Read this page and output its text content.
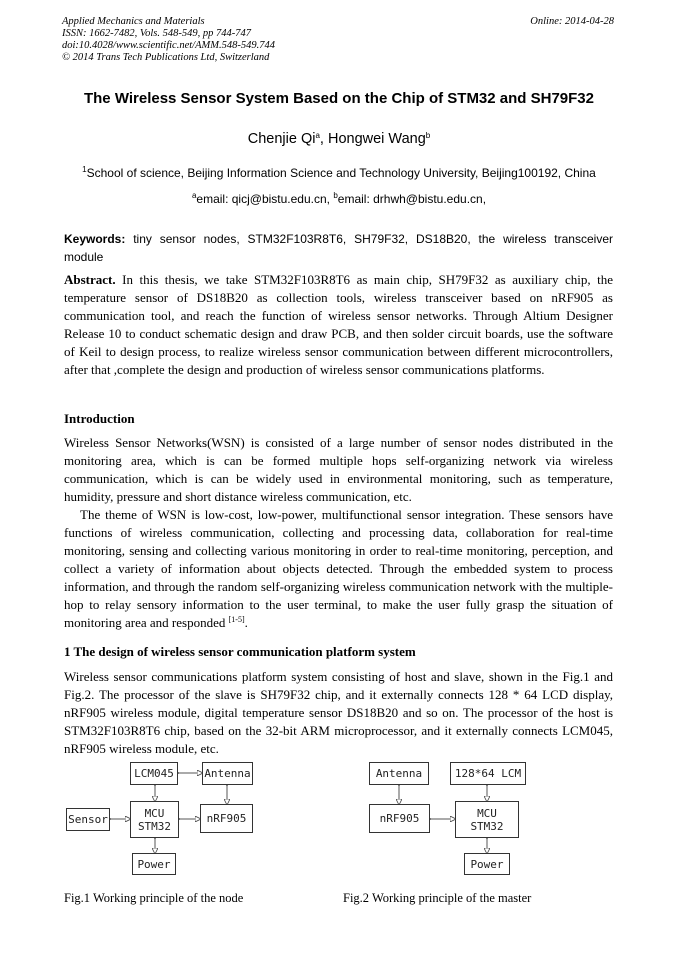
Applied Mechanics and Materials
ISSN: 1662-7482, Vols. 548-549, pp 744-747
doi:10.4028/www.scientific.net/AMM.548-549.744
© 2014 Trans Tech Publications Ltd, Switzerland
Online: 2014-04-28
The Wireless Sensor System Based on the Chip of STM32 and SH79F32
Chenjie Qi$^a$, Hongwei Wang$^b$
$^1$School of science, Beijing Information Science and Technology University, Beijing100192, China
$^a$email: qicj@bistu.edu.cn, $^b$email: drhwh@bistu.edu.cn,
Keywords: tiny sensor nodes, STM32F103R8T6, SH79F32, DS18B20, the wireless transceiver module

Abstract. In this thesis, we take STM32F103R8T6 as main chip, SH79F32 as auxiliary chip, the temperature sensor of DS18B20 as collection tools, wireless transceiver based on nRF905 as communication tool, and reach the function of wireless sensor networks. Through Altium Designer Release 10 to conduct schematic design and draw PCB, and then solder circuit boards, use the software of Keil to design process, to realize wireless sensor communication between different microcontrollers, after that ,complete the design and production of wireless sensor communications platforms.

Introduction

Wireless Sensor Networks(WSN) is consisted of a large number of sensor nodes distributed in the monitoring area, which is can be formed multiple hops self-organizing network via wireless communication, which is can be widely used in environmental monitoring, such as temperature, humidity, pressure and short distance wireless communication, etc.

The theme of WSN is low-cost, low-power, multifunctional sensor integration. These sensors have functions of wireless communication, collecting and processing data, collaboration for real-time monitoring, sensing and collecting various monitoring in order to real-time monitoring, perception, and collect a variety of information about objects detected. Through the embedded system to process information, and through the random self-organizing wireless communication network with the multiple-hop to relay sensory information to the user terminal, to make the user fully grasp the situation of monitoring area and responded [1-5].

1 The design of wireless sensor communication platform system

Wireless sensor communications platform system consisting of host and slave, shown in the Fig.1 and Fig.2. The processor of the slave is SH79F32 chip, and it externally connects 128 * 64 LCD display, nRF905 wireless module, digital temperature sensor DS18B20 and so on. The processor of the host is STM32F103R8T6 chip, based on the 32-bit ARM microprocessor, and it externally connects LCM045, nRF905 wireless module, etc.

LCM045	Antenna
Sensor	MCU
STM32
nRF905
Power
Antenna	128*64 LCM
nRF905	MCU
STM32
Power
Fig.1 Working principle of the node	Fig.2 Working principle of the master
